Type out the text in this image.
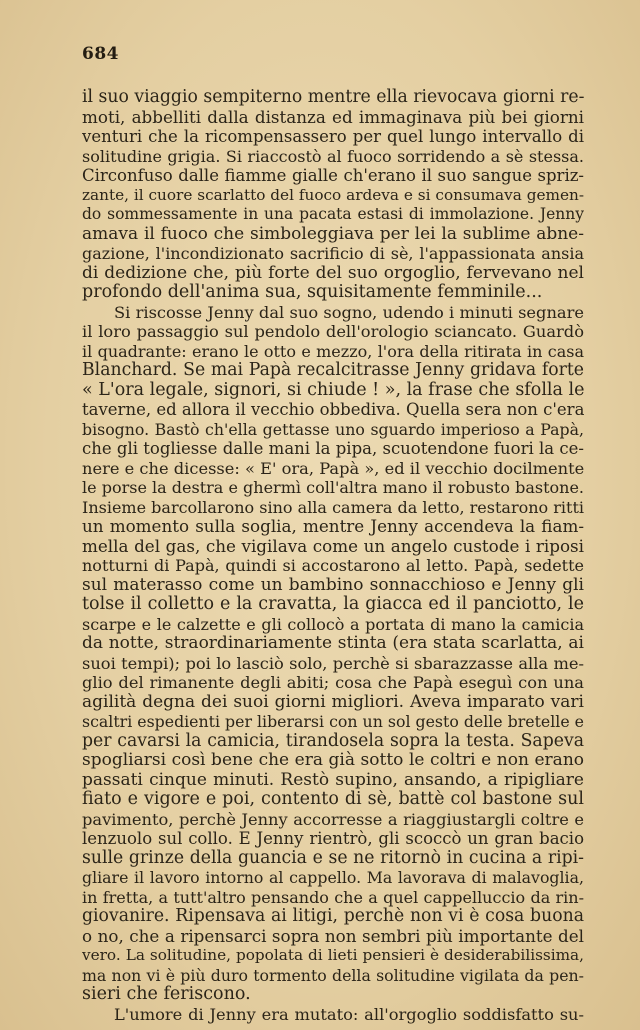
684
il suo viaggio sempiterno mentre ella rievocava giorni re-
moti, abbelliti dalla distanza ed immaginava più bei giorni
venturi che la ricompensassero per quel lungo intervallo di
solitudine grigia. Si riaccostò al fuoco sorridendo a sè stessa.
Circonfuso dalle fiamme gialle ch'erano il suo sangue spriz-
zante, il cuore scarlatto del fuoco ardeva e si consumava gemen-
do sommessamente in una pacata estasi di immolazione. Jenny
amava il fuoco che simboleggiava per lei la sublime abne-
gazione, l'incondizionato sacrificio di sè, l'appassionata ansia
di dedizione che, più forte del suo orgoglio, fervevano nel
profondo dell'anima sua, squisitamente femminile...
Si riscosse Jenny dal suo sogno, udendo i minuti segnare
il loro passaggio sul pendolo dell'orologio sciancato. Guardò
il quadrante: erano le otto e mezzo, l'ora della ritirata in casa
Blanchard. Se mai Papà recalcitrasse Jenny gridava forte
« L'ora legale, signori, si chiude ! », la frase che sfolla le
taverne, ed allora il vecchio obbediva. Quella sera non c'era
bisogno. Bastò ch'ella gettasse uno sguardo imperioso a Papà,
che gli togliesse dalle mani la pipa, scuotendone fuori la ce-
nere e che dicesse: « E' ora, Papà », ed il vecchio docilmente
le porse la destra e ghermì coll'altra mano il robusto bastone.
Insieme barcollarono sino alla camera da letto, restarono ritti
un momento sulla soglia, mentre Jenny accendeva la fiam-
mella del gas, che vigilava come un angelo custode i riposi
notturni di Papà, quindi si accostarono al letto. Papà, sedette
sul materasso come un bambino sonnacchioso e Jenny gli
tolse il colletto e la cravatta, la giacca ed il panciotto, le
scarpe e le calzette e gli collocò a portata di mano la camicia
da notte, straordinariamente stinta (era stata scarlatta, ai
suoi tempi); poi lo lasciò solo, perchè si sbarazzasse alla me-
glio del rimanente degli abiti; cosa che Papà eseguì con una
agilità degna dei suoi giorni migliori. Aveva imparato vari
scaltri espedienti per liberarsi con un sol gesto delle bretelle e
per cavarsi la camicia, tirandosela sopra la testa. Sapeva
spogliarsi così bene che era già sotto le coltri e non erano
passati cinque minuti. Restò supino, ansando, a ripigliare
fiato e vigore e poi, contento di sè, battè col bastone sul
pavimento, perchè Jenny accorresse a riaggiustargli coltre e
lenzuolo sul collo. E Jenny rientrò, gli scoccò un gran bacio
sulle grinze della guancia e se ne ritornò in cucina a ripi-
gliare il lavoro intorno al cappello. Ma lavorava di malavoglia,
in fretta, a tutt'altro pensando che a quel cappelluccio da rin-
giovanire. Ripensava ai litigi, perchè non vi è cosa buona
o no, che a ripensarci sopra non sembri più importante del
vero. La solitudine, popolata di lieti pensieri è desiderabilissima,
ma non vi è più duro tormento della solitudine vigilata da pen-
sieri che feriscono.
L'umore di Jenny era mutato: all'orgoglio soddisfatto su-
